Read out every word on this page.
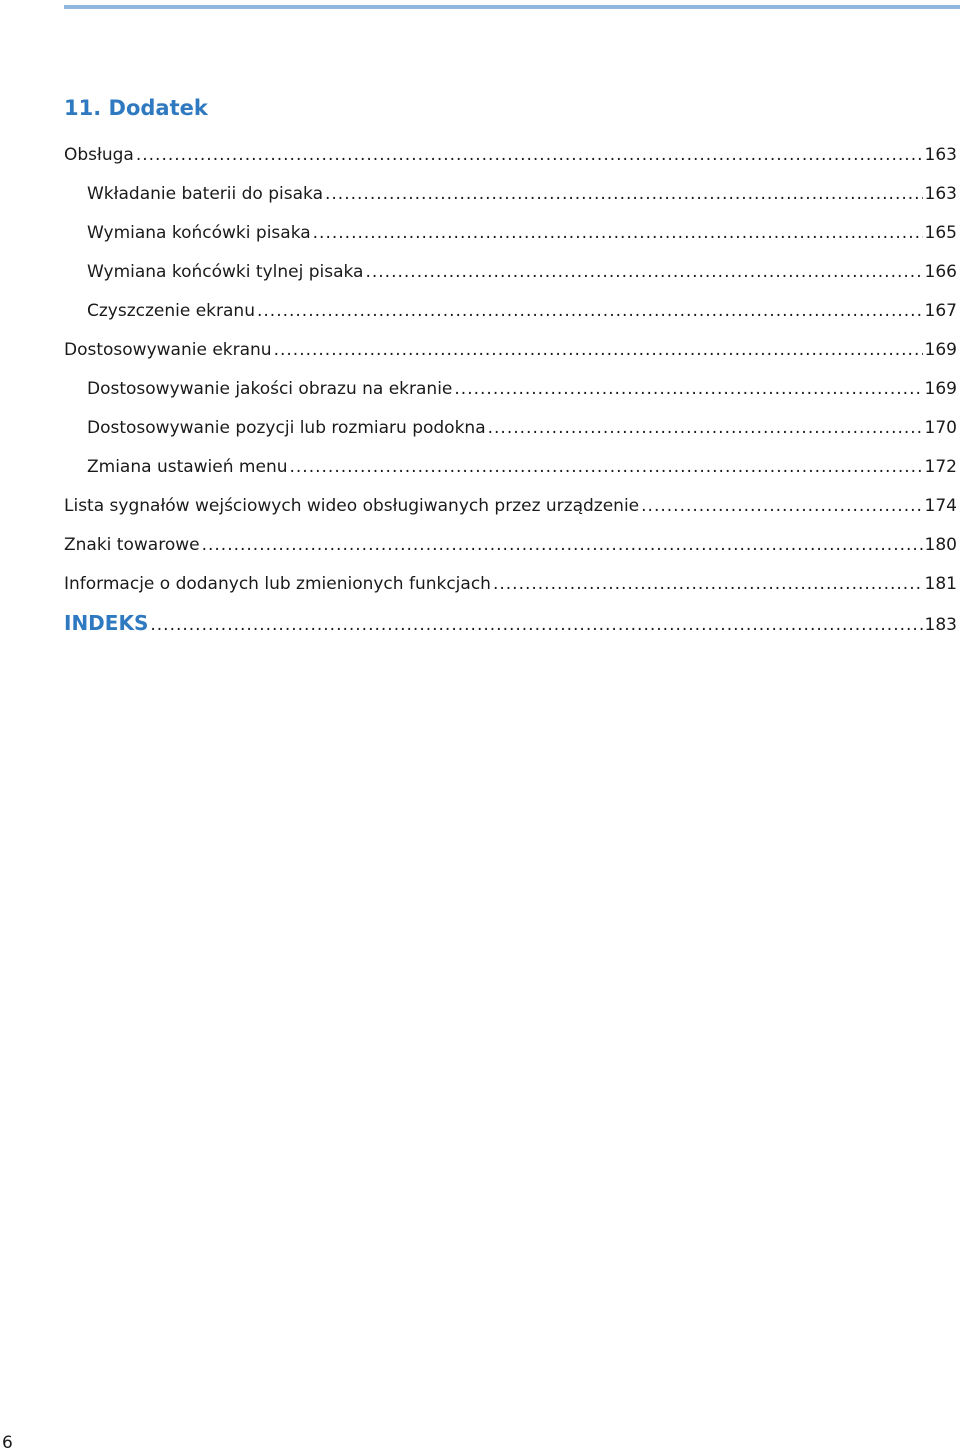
11. Dodatek
Obsługa .....	163
Wkładanie baterii do pisaka .....	163
Wymiana końcówki pisaka .....	165
Wymiana końcówki tylnej pisaka .....	166
Czyszczenie ekranu .....	167
Dostosowywanie ekranu .....	169
Dostosowywanie jakości obrazu na ekranie .....	169
Dostosowywanie pozycji lub rozmiaru podokna .....	170
Zmiana ustawień menu .....	172
Lista sygnałów wejściowych wideo obsługiwanych przez urządzenie .....	174
Znaki towarowe .....	180
Informacje o dodanych lub zmienionych funkcjach .....	181
INDEKS .....	183
6
